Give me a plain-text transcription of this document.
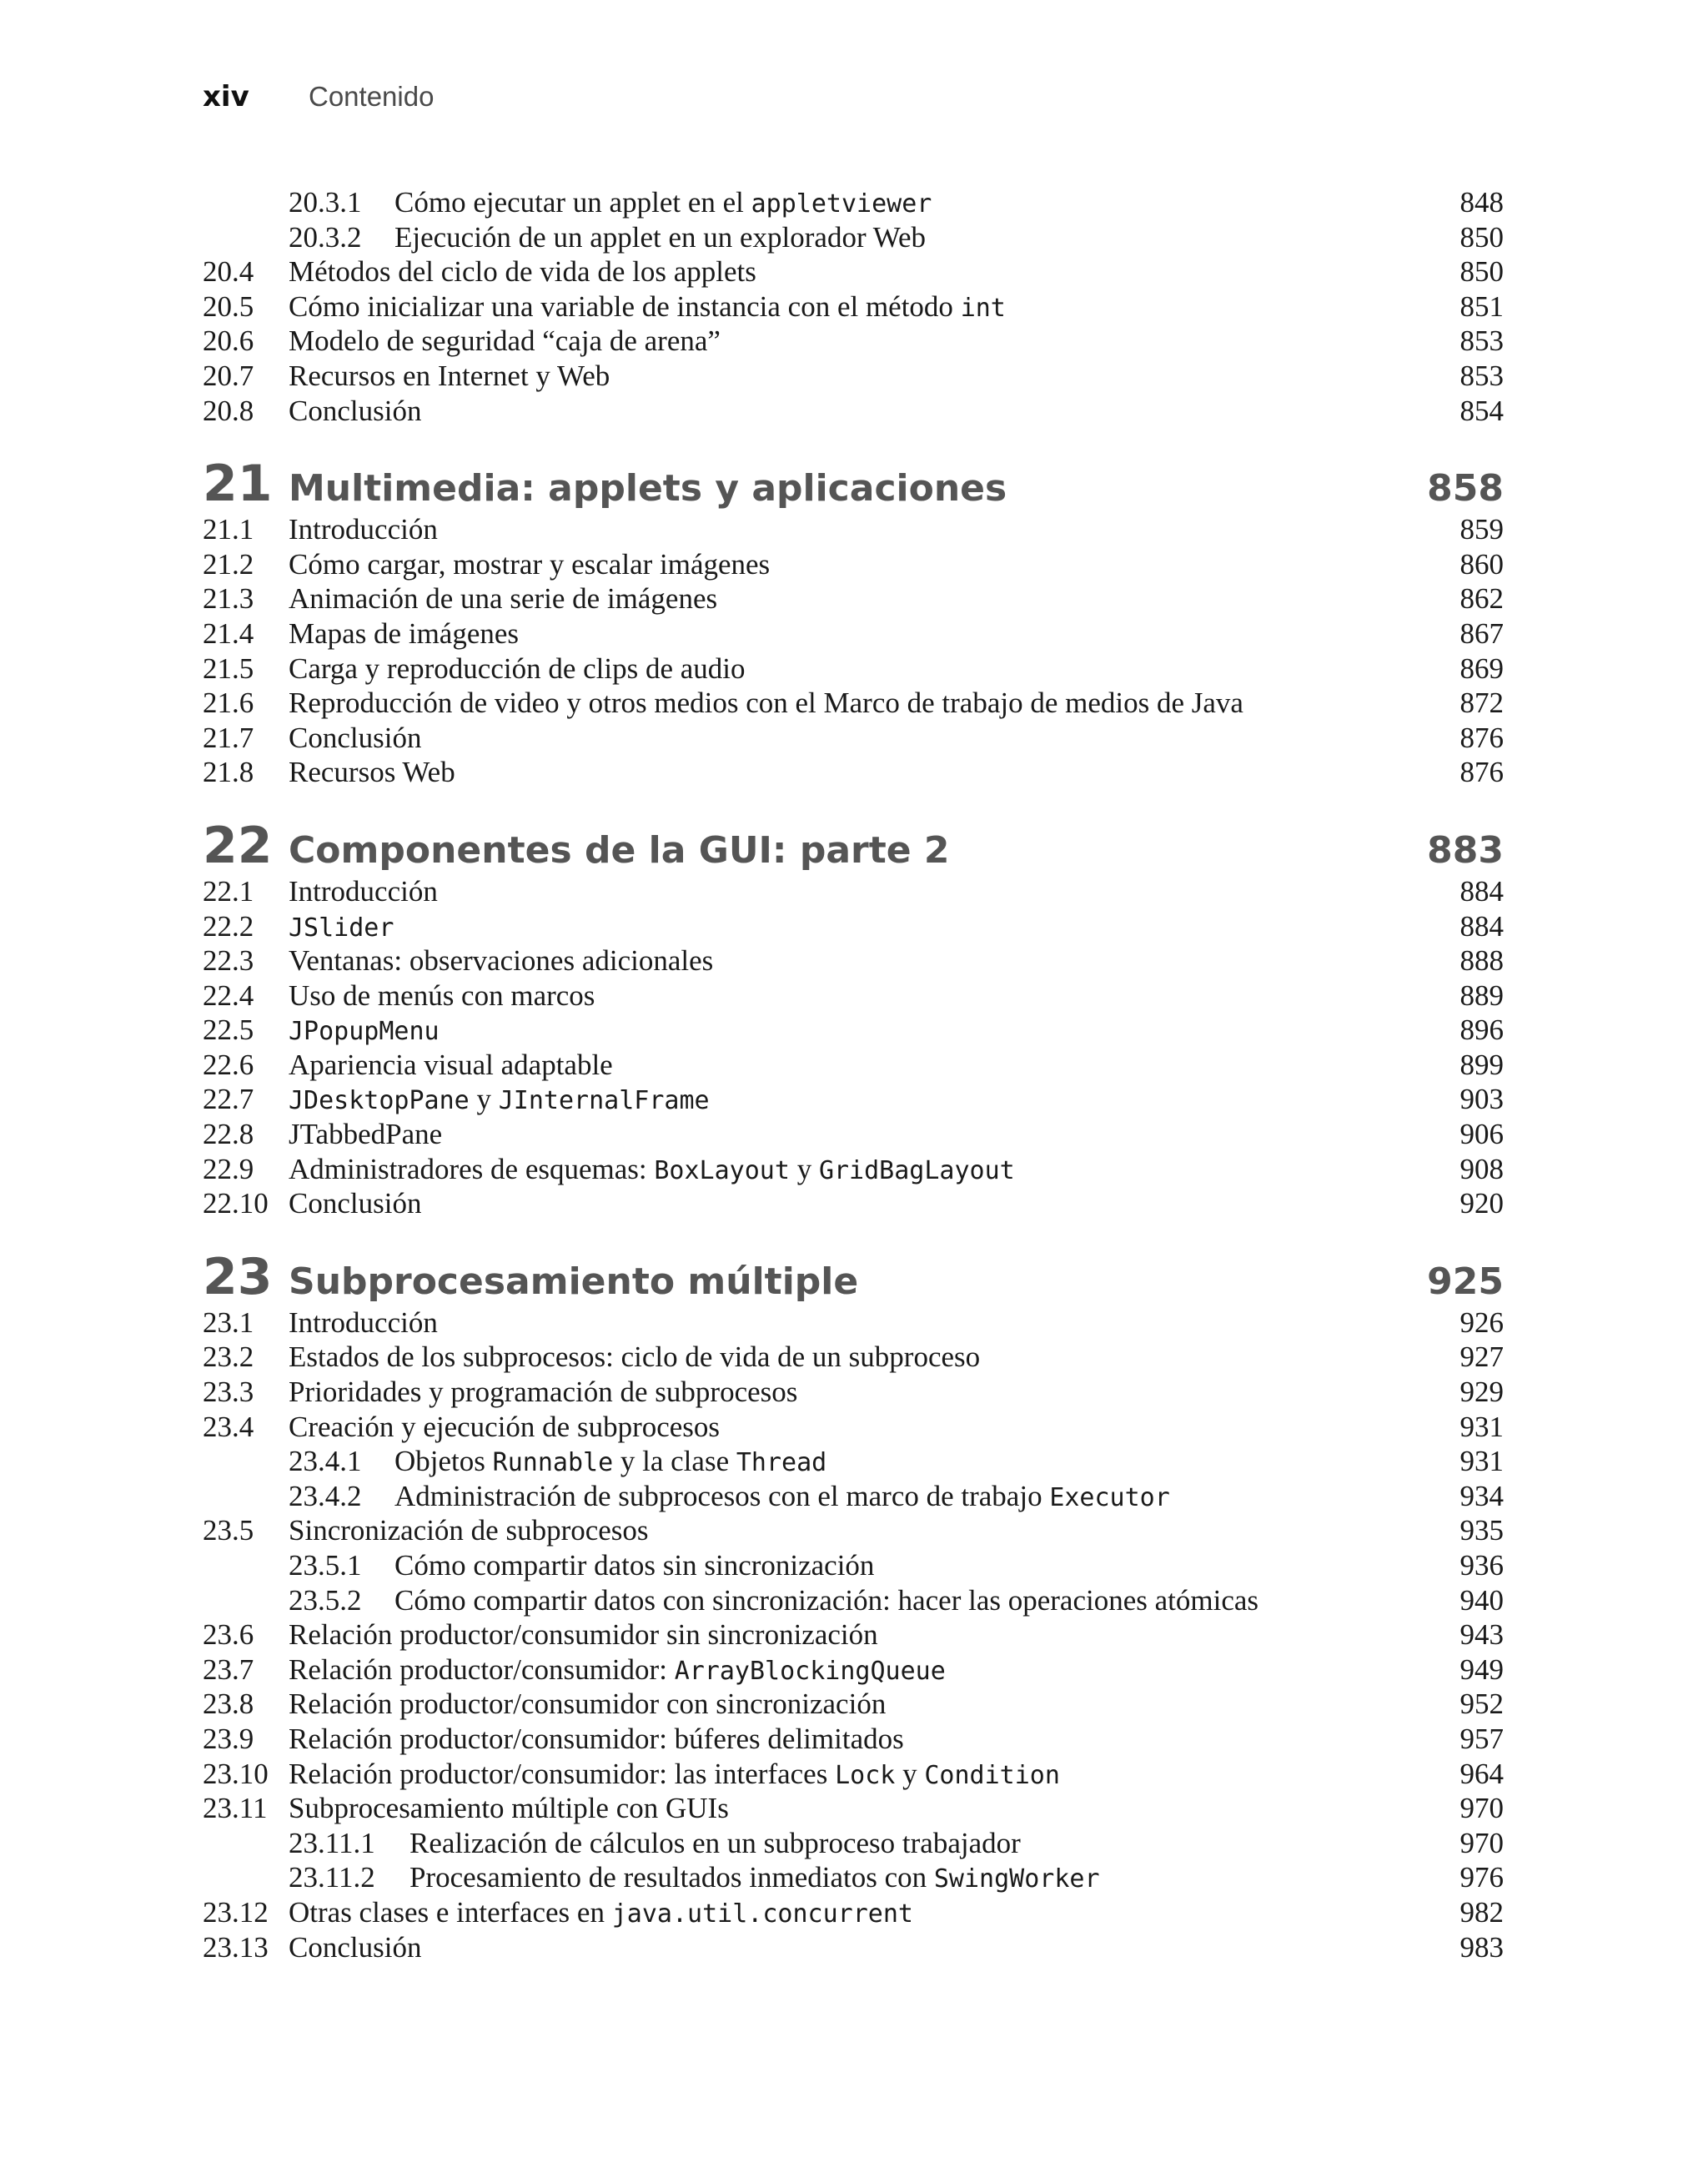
xiv	Contenido
20.3.1 Cómo ejecutar un applet en el appletviewer	848
20.3.2 Ejecución de un applet en un explorador Web	850
20.4 Métodos del ciclo de vida de los applets	850
20.5 Cómo inicializar una variable de instancia con el método int	851
20.6 Modelo de seguridad “caja de arena”	853
20.7 Recursos en Internet y Web	853
20.8 Conclusión	854
21 Multimedia: applets y aplicaciones	858
21.1 Introducción	859
21.2 Cómo cargar, mostrar y escalar imágenes	860
21.3 Animación de una serie de imágenes	862
21.4 Mapas de imágenes	867
21.5 Carga y reproducción de clips de audio	869
21.6 Reproducción de video y otros medios con el Marco de trabajo de medios de Java	872
21.7 Conclusión	876
21.8 Recursos Web	876
22 Componentes de la GUI: parte 2	883
22.1 Introducción	884
22.2 JSlider	884
22.3 Ventanas: observaciones adicionales	888
22.4 Uso de menús con marcos	889
22.5 JPopupMenu	896
22.6 Apariencia visual adaptable	899
22.7 JDesktopPane y JInternalFrame	903
22.8 JTabbedPane	906
22.9 Administradores de esquemas: BoxLayout y GridBagLayout	908
22.10 Conclusión	920
23 Subprocesamiento múltiple	925
23.1 Introducción	926
23.2 Estados de los subprocesos: ciclo de vida de un subproceso	927
23.3 Prioridades y programación de subprocesos	929
23.4 Creación y ejecución de subprocesos	931
23.4.1 Objetos Runnable y la clase Thread	931
23.4.2 Administración de subprocesos con el marco de trabajo Executor	934
23.5 Sincronización de subprocesos	935
23.5.1 Cómo compartir datos sin sincronización	936
23.5.2 Cómo compartir datos con sincronización: hacer las operaciones atómicas	940
23.6 Relación productor/consumidor sin sincronización	943
23.7 Relación productor/consumidor: ArrayBlockingQueue	949
23.8 Relación productor/consumidor con sincronización	952
23.9 Relación productor/consumidor: búferes delimitados	957
23.10 Relación productor/consumidor: las interfaces Lock y Condition	964
23.11 Subprocesamiento múltiple con GUIs	970
23.11.1 Realización de cálculos en un subproceso trabajador	970
23.11.2 Procesamiento de resultados inmediatos con SwingWorker	976
23.12 Otras clases e interfaces en java.util.concurrent	982
23.13 Conclusión	983
